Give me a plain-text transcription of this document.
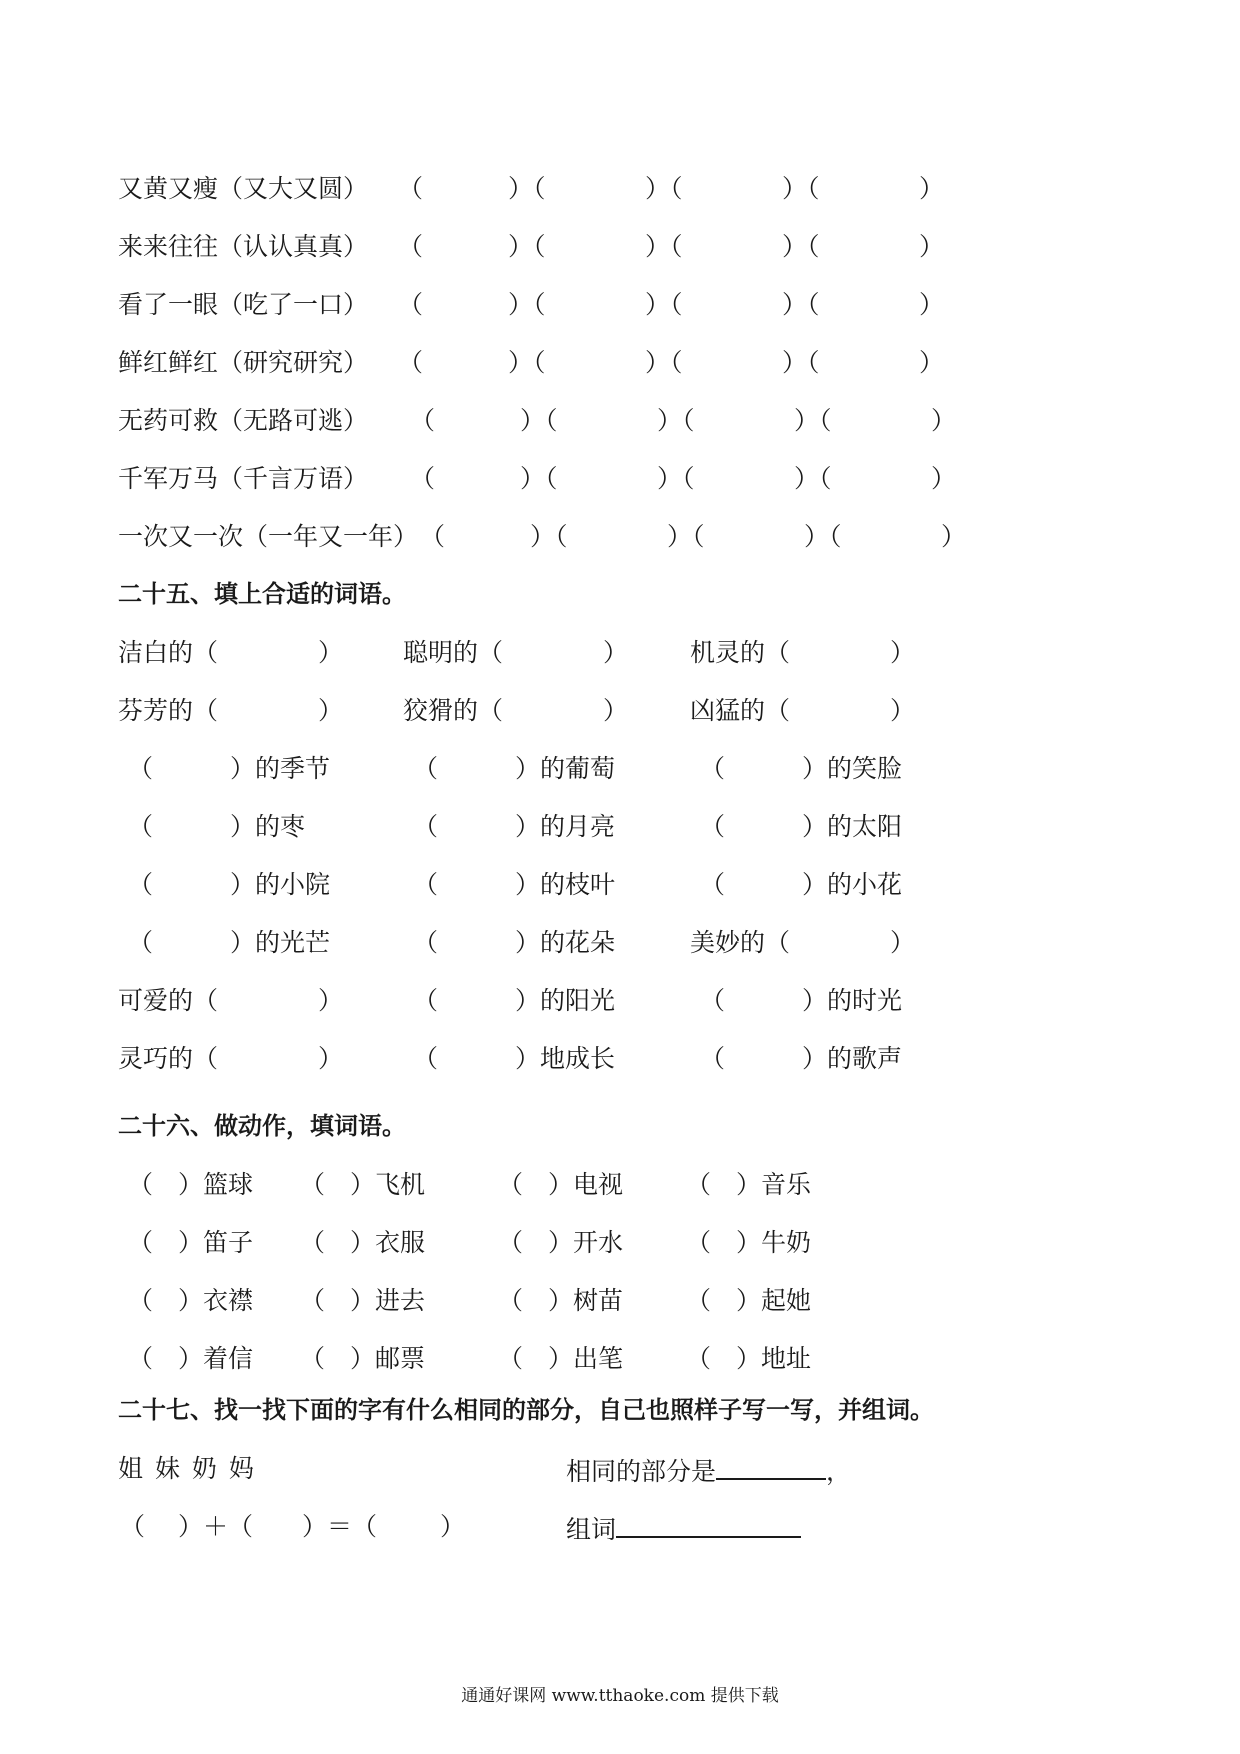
又黄又瘦（又大又圆） （	）（	）（	）（	）
来来往往（认认真真） （	）（	）（	）（	）
看了一眼（吃了一口） （	）（	）（	）（	）
鲜红鲜红（研究研究） （	）（	）（	）（	）
无药可救（无路可逃） （	）（	）（	）（	）
千军万马（千言万语） （	）（	）（	）（	）
一次又一次（一年又一年） （	）（	）（	）（	）
二十五、填上合适的词语。
洁白的（	） 聪明的（	） 机灵的（	）
芬芳的（	） 狡猾的（	） 凶猛的（	）
（	）的季节	（	）的葡萄	（	）的笑脸
（	）的枣	（	）的月亮	（	）的太阳
（	）的小院	（	）的枝叶	（	）的小花
（	）的光芒	（	）的花朵	美妙的（	）
可爱的（	）	（	）的阳光	（	）的时光
灵巧的（	）	（	）地成长	（	）的歌声
二十六、做动作，填词语。
（ ）篮球 （ ）飞机	（ ）电视	（ ）音乐
（ ）笛子 （ ）衣服	（ ）开水	（ ）牛奶
（ ）衣襟 （ ）进去	（ ）树苗	（ ）起她
（ ）着信 （ ）邮票	（ ）出笔	（ ）地址
二十七、找一找下面的字有什么相同的部分，自己也照样子写一写，并组词。
姐 妹 奶 妈	相同的部分是	，
（ ）＋（ ）＝（	）	组词
通通好课网 www.tthaoke.com 提供下载
